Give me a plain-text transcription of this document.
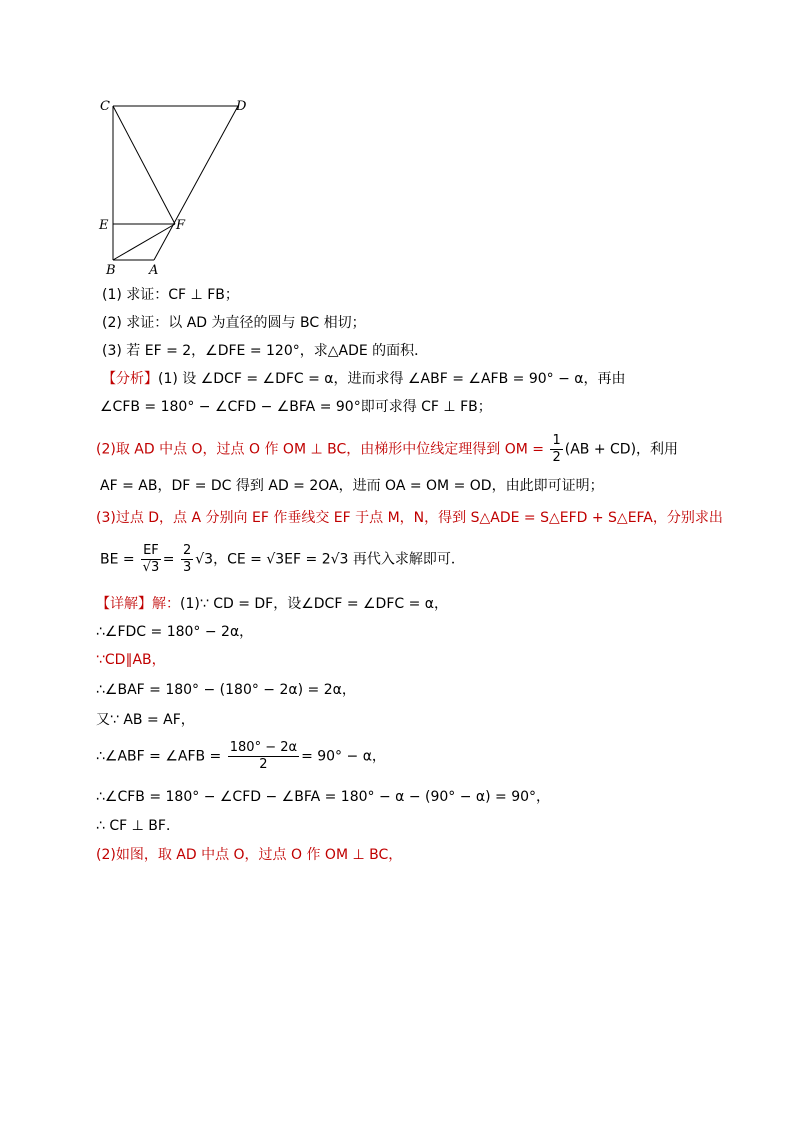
C	D
E	F
B	A
(1) 求证：CF ⊥ FB；
(2) 求证：以 AD 为直径的圆与 BC 相切；
(3) 若 EF = 2，∠DFE = 120°，求△ADE 的面积．
【分析】(1) 设 ∠DCF = ∠DFC = α，进而求得 ∠ABF = ∠AFB = 90° − α，再由
∠CFB = 180° − ∠CFD − ∠BFA = 90°即可求得 CF ⊥ FB；
(2)取 AD 中点 O，过点 O 作 OM ⊥ BC，由梯形中位线定理得到 OM = $\frac{1}{2} (AB + CD)$，利用
AF = AB，DF = DC 得到 AD = 2OA，进而 OA = OM = OD，由此即可证明；
(3)过点 D，点 A 分别向 EF 作垂线交 EF 于点 M，N，得到 S△ADE = S△EFD + S△EFA，分别求出
BE = $\frac{EF}{√3} = \frac{2}{3} √3$，CE = √3EF = 2√3 再代入求解即可．
【详解】解：(1)∵ CD = DF，设∠DCF = ∠DFC = α，
∴∠FDC = 180° − 2α，
∵CD∥AB，
∴∠BAF = 180° − (180° − 2α) = 2α，
又∵ AB = AF，
∴∠ABF = ∠AFB = $\frac{180^\circ - 2\alpha}{2} = 90^\circ - \alpha$，
∴∠CFB = 180° − ∠CFD − ∠BFA = 180° − α − (90° − α) = 90°，
∴ CF ⊥ BF．
(2)如图，取 AD 中点 O，过点 O 作 OM ⊥ BC，
